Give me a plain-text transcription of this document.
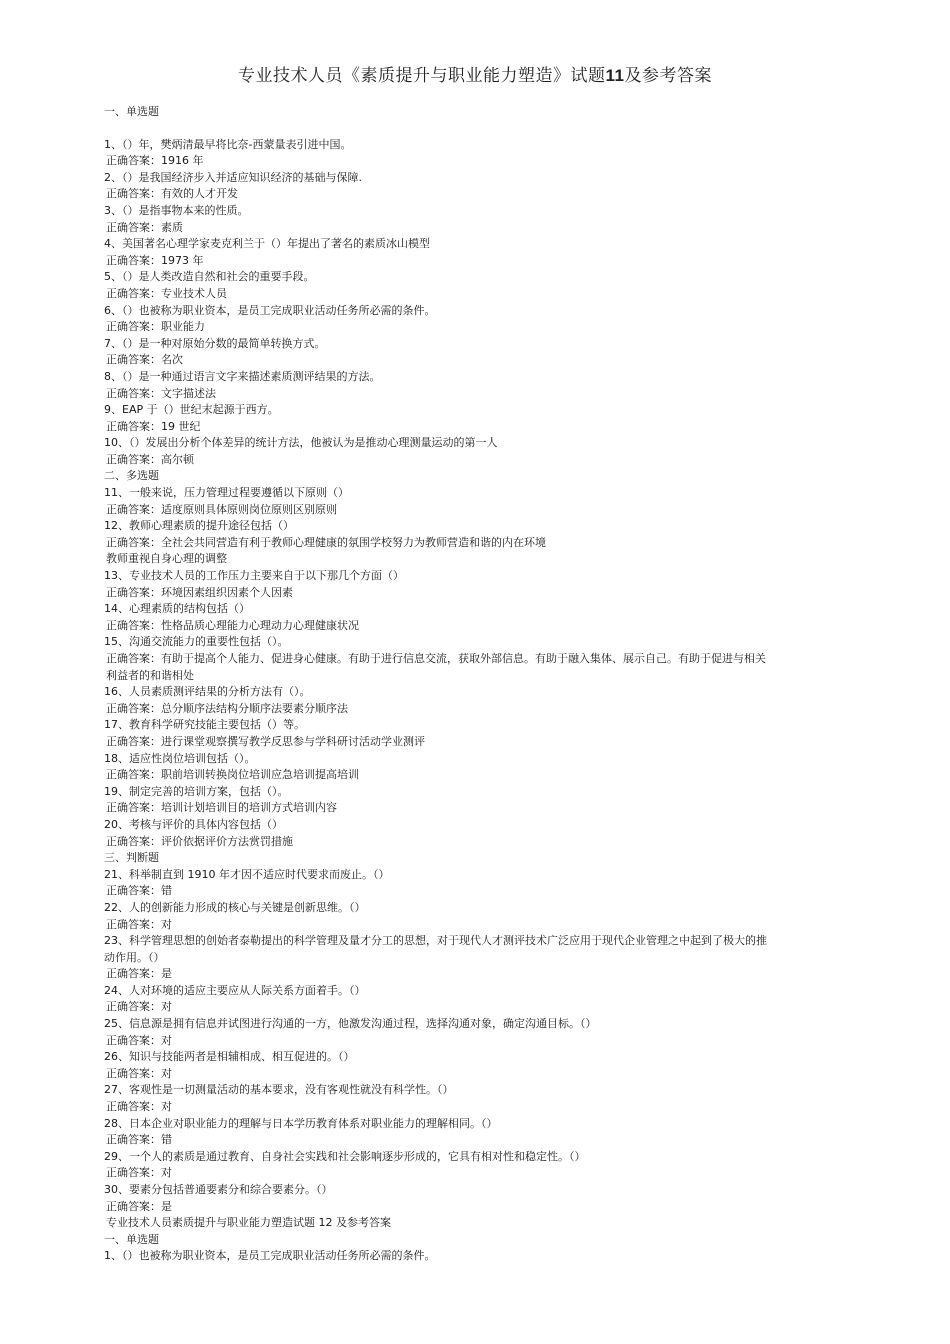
专业技术人员《素质提升与职业能力塑造》试题11及参考答案
一、单选题
1、（）年，樊炳清最早将比奈-西蒙量表引进中国。
正确答案：1916 年
2、（）是我国经济步入并适应知识经济的基础与保障.
正确答案：有效的人才开发
3、（）是指事物本来的性质。
正确答案：素质
4、美国著名心理学家麦克利兰于（）年提出了著名的素质冰山模型
正确答案：1973 年
5、（）是人类改造自然和社会的重要手段。
正确答案：专业技术人员
6、（）也被称为职业资本，是员工完成职业活动任务所必需的条件。
正确答案：职业能力
7、（）是一种对原始分数的最简单转换方式。
正确答案：名次
8、（）是一种通过语言文字来描述素质测评结果的方法。
正确答案：文字描述法
9、EAP 于（）世纪末起源于西方。
正确答案：19 世纪
10、（）发展出分析个体差异的统计方法，他被认为是推动心理测量运动的第一人
正确答案：高尔顿
二、多选题
11、一般来说，压力管理过程要遵循以下原则（）
正确答案：适度原则具体原则岗位原则区别原则
12、教师心理素质的提升途径包括（）
正确答案：全社会共同营造有利于教师心理健康的氛围学校努力为教师营造和谐的内在环境
教师重视自身心理的调整
13、专业技术人员的工作压力主要来自于以下那几个方面（）
正确答案：环境因素组织因素个人因素
14、心理素质的结构包括（）
正确答案：性格品质心理能力心理动力心理健康状况
15、沟通交流能力的重要性包括（）。
正确答案：有助于提高个人能力、促进身心健康。有助于进行信息交流，获取外部信息。有助于融入集体、展示自己。有助于促进与相关
利益者的和谐相处
16、人员素质测评结果的分析方法有（）。
正确答案：总分顺序法结构分顺序法要素分顺序法
17、教育科学研究技能主要包括（）等。
正确答案：进行课堂观察撰写教学反思参与学科研讨活动学业测评
18、适应性岗位培训包括（）。
正确答案：职前培训转换岗位培训应急培训提高培训
19、制定完善的培训方案，包括（）。
正确答案：培训计划培训目的培训方式培训内容
20、考核与评价的具体内容包括（）
正确答案：评价依据评价方法赏罚措施
三、判断题
21、科举制直到 1910 年才因不适应时代要求而废止。（）
正确答案：错
22、人的创新能力形成的核心与关键是创新思维。（）
正确答案：对
23、科学管理思想的创始者泰勒提出的科学管理及量才分工的思想，对于现代人才测评技术广泛应用于现代企业管理之中起到了极大的推
动作用。（）
正确答案：是
24、人对环境的适应主要应从人际关系方面着手。（）
正确答案：对
25、信息源是拥有信息并试图进行沟通的一方，他激发沟通过程，选择沟通对象，确定沟通目标。（）
正确答案：对
26、知识与技能两者是相辅相成、相互促进的。（）
正确答案：对
27、客观性是一切测量活动的基本要求，没有客观性就没有科学性。（）
正确答案：对
28、日本企业对职业能力的理解与日本学历教育体系对职业能力的理解相同。（）
正确答案：错
29、一个人的素质是通过教育、自身社会实践和社会影响逐步形成的，它具有相对性和稳定性。（）
正确答案：对
30、要素分包括普通要素分和综合要素分。（）
正确答案：是
专业技术人员素质提升与职业能力塑造试题 12 及参考答案
一、单选题
1、（）也被称为职业资本，是员工完成职业活动任务所必需的条件。
